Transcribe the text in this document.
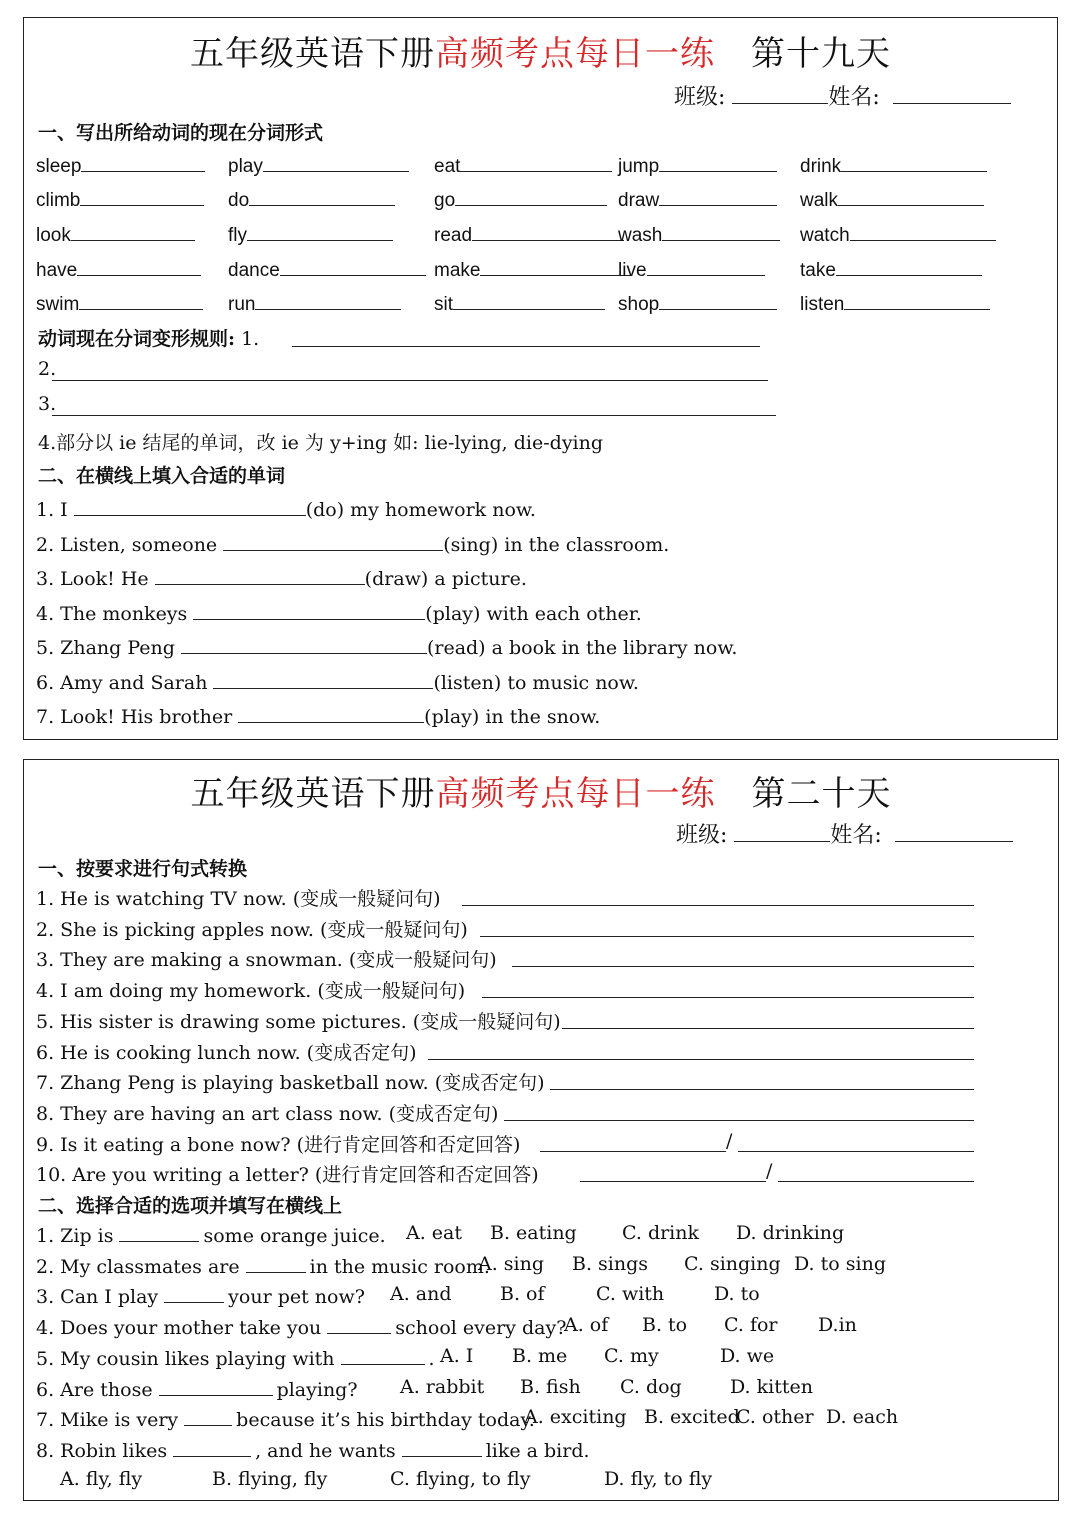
五年级英语下册高频考点每日一练 第十九天
班级:	姓名:
一、写出所给动词的现在分词形式
sleep	play	eat	jump	drink
climb	do	go	draw	walk
look	fly	read	wash	watch
have	dance	make	live	take
swim	run	sit	shop	listen
动词现在分词变形规则: 1.
2.
3.
4.部分以 ie 结尾的单词，改 ie 为 y+ing 如: lie-lying, die-dying
二、在横线上填入合适的单词
1. I	(do) my homework now.
2. Listen, someone	(sing) in the classroom.
3. Look! He	(draw) a picture.
4. The monkeys	(play) with each other.
5. Zhang Peng	(read) a book in the library now.
6. Amy and Sarah	(listen) to music now.
7. Look! His brother	(play) in the snow.
五年级英语下册高频考点每日一练 第二十天
班级:	姓名:
一、按要求进行句式转换
1. He is watching TV now. (变成一般疑问句)
2. She is picking apples now. (变成一般疑问句)
3. They are making a snowman. (变成一般疑问句)
4. I am doing my homework. (变成一般疑问句)
5. His sister is drawing some pictures. (变成一般疑问句)
6. He is cooking lunch now. (变成否定句)
7. Zhang Peng is playing basketball now. (变成否定句)
8. They are having an art class now. (变成否定句)
9. Is it eating a bone now? (进行肯定回答和否定回答)	/
10. Are you writing a letter? (进行肯定回答和否定回答)	/
二、选择合适的选项并填写在横线上
1. Zip is	some orange juice. A. eat B. eating C. drink D. drinking
2. My classmates are	in the music room.
A. sing B. sings C. singing D. to sing
3. Can I play	your pet now? A. and	B. of	C. with	D. to
4. Does your mother take you	school every day?
A. of B. to C. for D.in
5. My cousin likes playing with	. A. I B. me C. my	D. we
6. Are those	playing? A. rabbit B. fish C. dog	D. kitten
7. Mike is very	because it’s his birthday today.
A. exciting B. excited
C. other D. each
8. Robin likes	, and he wants	like a bird.
A. fly, fly	B. flying, fly	C. flying, to fly	D. fly, to fly
